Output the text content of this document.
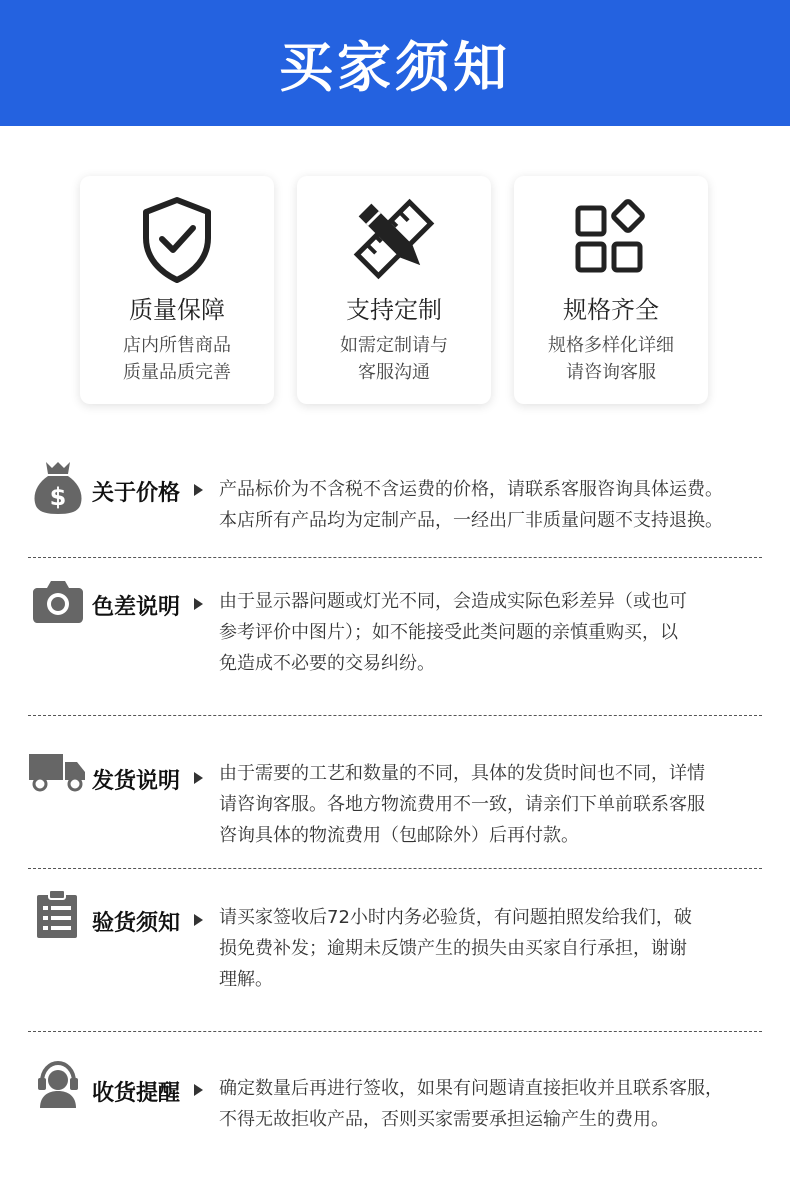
买家须知
质量保障
店内所售商品
质量品质完善
支持定制
如需定制请与
客服沟通
规格齐全
规格多样化详细
请咨询客服
$ 关于价格 产品标价为不含税不含运费的价格，请联系客服咨询具体运费。
本店所有产品均为定制产品，一经出厂非质量问题不支持退换。
色差说明 由于显示器问题或灯光不同，会造成实际色彩差异（或也可
参考评价中图片）；如不能接受此类问题的亲慎重购买，以
免造成不必要的交易纠纷。
发货说明 由于需要的工艺和数量的不同，具体的发货时间也不同，详情
请咨询客服。各地方物流费用不一致，请亲们下单前联系客服
咨询具体的物流费用（包邮除外）后再付款。
验货须知 请买家签收后72小时内务必验货，有问题拍照发给我们，破
损免费补发；逾期未反馈产生的损失由买家自行承担，谢谢
理解。
收货提醒 确定数量后再进行签收，如果有问题请直接拒收并且联系客服，
不得无故拒收产品，否则买家需要承担运输产生的费用。
